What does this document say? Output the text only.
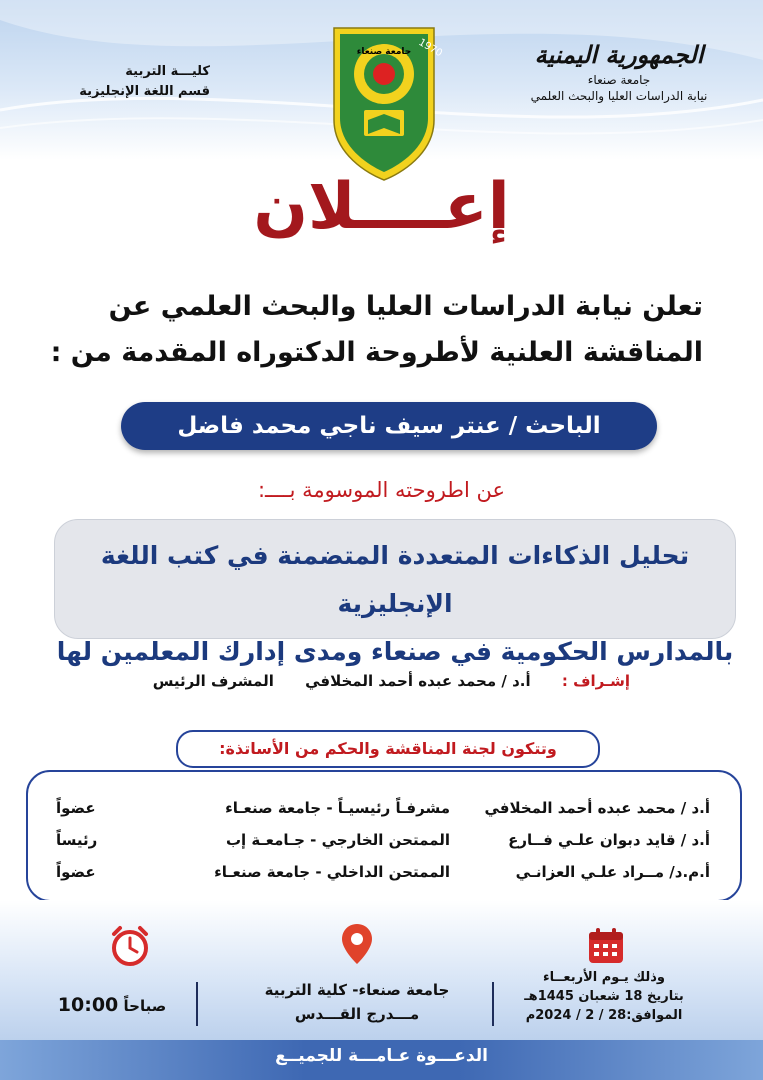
الجمهورية اليمنية
جامعة صنعاء
نيابة الدراسات العليا والبحث العلمي
كليـــة التربية
قسم اللغة الإنجليزية
1970
جامعة صنعاء
إعــــلان
تعلن نيابة الدراسات العليا والبحث العلمي عن
المناقشة العلنية لأطروحة الدكتوراه المقدمة من :
الباحث / عنتر سيف ناجي محمد فاضل
عن اطروحته الموسومة بــــ:
تحليل الذكاءات المتعددة المتضمنة في كتب اللغة الإنجليزية
بالمدارس الحكومية في صنعاء ومدى إدارك المعلمين لها
إشـراف : أ.د / محمد عبده أحمد المخلافي المشرف الرئيس
أ.د / محمد عبده أحمد المخلافي
مشرفـاً رئيسيـاً - جامعة صنعـاء
عضواً
أ.د / قايد دبوان علـي فــارع
الممتحن الخارجي - جـامعـة إب
رئيساً
أ.م.د/ مــراد علـي العزانـي
الممتحن الداخلي - جامعة صنعـاء
عضواً
وتتكون لجنة المناقشة والحكم من الأساتذة:
وذلك يـوم الأربعــاء
بتاريخ 18 شعبان 1445هـ
الموافق:28 / 2 / 2024م
جامعة صنعاء- كلية التربية
مـــدرج القـــدس
صباحاً 10:00
الدعـــوة عـامـــة للجميــع
